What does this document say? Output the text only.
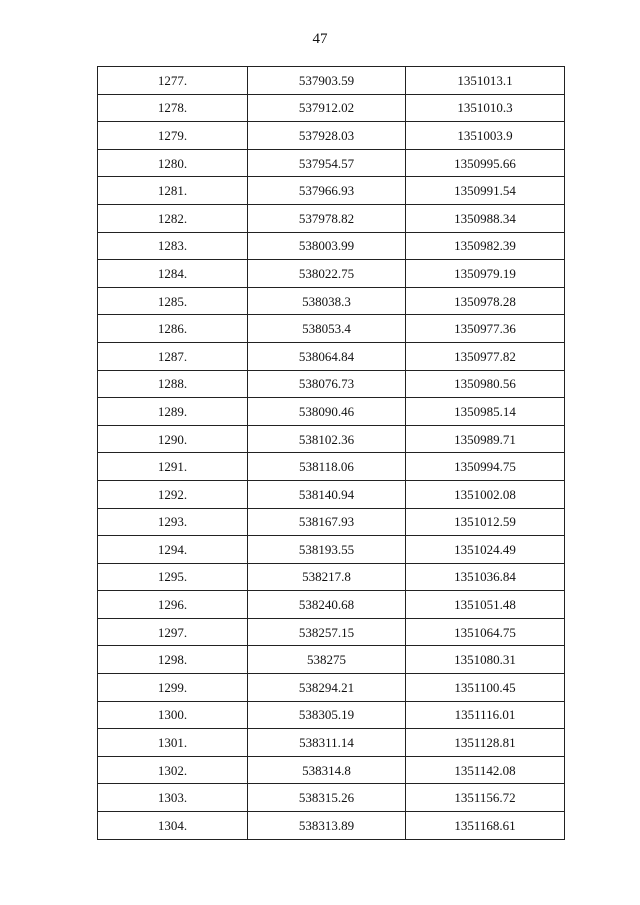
47
1277.	537903.59	1351013.1
1278.	537912.02	1351010.3
1279.	537928.03	1351003.9
1280.	537954.57	1350995.66
1281.	537966.93	1350991.54
1282.	537978.82	1350988.34
1283.	538003.99	1350982.39
1284.	538022.75	1350979.19
1285.	538038.3	1350978.28
1286.	538053.4	1350977.36
1287.	538064.84	1350977.82
1288.	538076.73	1350980.56
1289.	538090.46	1350985.14
1290.	538102.36	1350989.71
1291.	538118.06	1350994.75
1292.	538140.94	1351002.08
1293.	538167.93	1351012.59
1294.	538193.55	1351024.49
1295.	538217.8	1351036.84
1296.	538240.68	1351051.48
1297.	538257.15	1351064.75
1298.	538275	1351080.31
1299.	538294.21	1351100.45
1300.	538305.19	1351116.01
1301.	538311.14	1351128.81
1302.	538314.8	1351142.08
1303.	538315.26	1351156.72
1304.	538313.89	1351168.61
